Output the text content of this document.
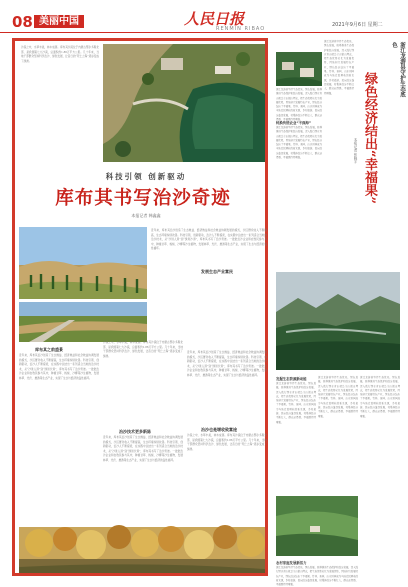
08 美丽中国	人民日报
RENMIN RIBAO
2021年9月6日 星期二
沙漠之中，水草丰美，林木成荫。库布其沙漠位于内蒙古鄂尔多斯北部，是我国第七大沙漠，总面积约1.86万平方公里。几十年来，当地干部群众坚持科学治沙、绿色发展，让昔日的“死亡之海”逐步变成了绿洲。
科技引领 创新驱动
库布其书写治沙奇迹
本报记者 韩鑫鑫
近年来，库布其治沙创造了生态效益、经济效益和社会效益协调发展的模式，沙区群众收入不断提高，生态环境持续改善。科技引领、创新驱动，治沙人不断摸索，在实践中总结出一系列适合当地的治沙技术，从“沙进人退”到“绿进沙退”，库布其书写了治沙奇迹。一批批治沙企业和农牧民参与其中，种植甘草、梭梭、沙柳等沙生植物，发展林草、光伏、旅游等生态产业，实现了生态与经济的良性循环。
库布其之前盛景
近年来，库布其治沙创造了生态效益、经济效益和社会效益协调发展的模式，沙区群众收入不断提高，生态环境持续改善。科技引领、创新驱动，治沙人不断摸索，在实践中总结出一系列适合当地的治沙技术，从“沙进人退”到“绿进沙退”，库布其书写了治沙奇迹。一批批治沙企业和农牧民参与其中，种植甘草、梭梭、沙柳等沙生植物，发展林草、光伏、旅游等生态产业，实现了生态与经济的良性循环。
沙漠之中，水草丰美，林木成荫。库布其沙漠位于内蒙古鄂尔多斯北部，是我国第七大沙漠，总面积约1.86万平方公里。几十年来，当地干部群众坚持科学治沙、绿色发展，让昔日的“死亡之海”逐步变成了绿洲。
治沙技术更多新陈
近年来，库布其治沙创造了生态效益、经济效益和社会效益协调发展的模式，沙区群众收入不断提高，生态环境持续改善。科技引领、创新驱动，治沙人不断摸索，在实践中总结出一系列适合当地的治沙技术，从“沙进人退”到“绿进沙退”，库布其书写了治沙奇迹。一批批治沙企业和农牧民参与其中，种植甘草、梭梭、沙柳等沙生植物，发展林草、光伏、旅游等生态产业，实现了生态与经济的良性循环。
发展生态产业富民
近年来，库布其治沙创造了生态效益、经济效益和社会效益协调发展的模式，沙区群众收入不断提高，生态环境持续改善。科技引领、创新驱动，治沙人不断摸索，在实践中总结出一系列适合当地的治沙技术，从“沙进人退”到“绿进沙退”，库布其书写了治沙奇迹。一批批治沙企业和农牧民参与其中，种植甘草、梭梭、沙柳等沙生植物，发展林草、光伏、旅游等生态产业，实现了生态与经济的良性循环。
治沙也是增收致富途
沙漠之中，水草丰美，林木成荫。库布其沙漠位于内蒙古鄂尔多斯北部，是我国第七大沙漠，总面积约1.86万平方公里。几十年来，当地干部群众坚持科学治沙、绿色发展，让昔日的“死亡之海”逐步变成了绿洲。
浙江龙游县坚持生态优先、绿色发展，统筹推进生态保护和经济发展，深入践行绿水青山就是金山银山理念，把生态优势转化为发展优势，因地制宜发展特色产业，绿色经济结出了幸福果。竹林、茶园、山水田园成为当地农民增收的新来源，乡村旅游、民宿经济蓬勃发展，村集体经济不断壮大，群众获得感、幸福感持续增强。
转换传统农业“不深海”
浙江龙游县坚持生态优先、绿色发展，统筹推进生态保护和经济发展，深入践行绿水青山就是金山银山理念，把生态优势转化为发展优势，因地制宜发展特色产业，绿色经济结出了幸福果。竹林、茶园、山水田园成为当地农民增收的新来源，乡村旅游、民宿经济蓬勃发展，村集体经济不断壮大，群众获得感、幸福感持续增强。
浙江龙游县坚持生态优先、绿色发展，统筹推进生态保护和经济发展，深入践行绿水青山就是金山银山理念，把生态优势转化为发展优势，因地制宜发展特色产业，绿色经济结出了幸福果。竹林、茶园、山水田园成为当地农民增收的新来源，乡村旅游、民宿经济蓬勃发展，村集体经济不断壮大，群众获得感、幸福感持续增强。	浙江龙游县守护生态底色
绿色经济结出“幸福果”
本报记者 张晓宇
发掘生态资源新动能
浙江龙游县坚持生态优先、绿色发展，统筹推进生态保护和经济发展，深入践行绿水青山就是金山银山理念，把生态优势转化为发展优势，因地制宜发展特色产业，绿色经济结出了幸福果。竹林、茶园、山水田园成为当地农民增收的新来源，乡村旅游、民宿经济蓬勃发展，村集体经济不断壮大，群众获得感、幸福感持续增强。
浙江龙游县坚持生态优先、绿色发展，统筹推进生态保护和经济发展，深入践行绿水青山就是金山银山理念，把生态优势转化为发展优势，因地制宜发展特色产业，绿色经济结出了幸福果。竹林、茶园、山水田园成为当地农民增收的新来源，乡村旅游、民宿经济蓬勃发展，村集体经济不断壮大，群众获得感、幸福感持续增强。
浙江龙游县坚持生态优先、绿色发展，统筹推进生态保护和经济发展，深入践行绿水青山就是金山银山理念，把生态优势转化为发展优势，因地制宜发展特色产业，绿色经济结出了幸福果。竹林、茶园、山水田园成为当地农民增收的新来源，乡村旅游、民宿经济蓬勃发展，村集体经济不断壮大，群众获得感、幸福感持续增强。
农村家庭发展新活力
浙江龙游县坚持生态优先、绿色发展，统筹推进生态保护和经济发展，深入践行绿水青山就是金山银山理念，把生态优势转化为发展优势，因地制宜发展特色产业，绿色经济结出了幸福果。竹林、茶园、山水田园成为当地农民增收的新来源，乡村旅游、民宿经济蓬勃发展，村集体经济不断壮大，群众获得感、幸福感持续增强。
